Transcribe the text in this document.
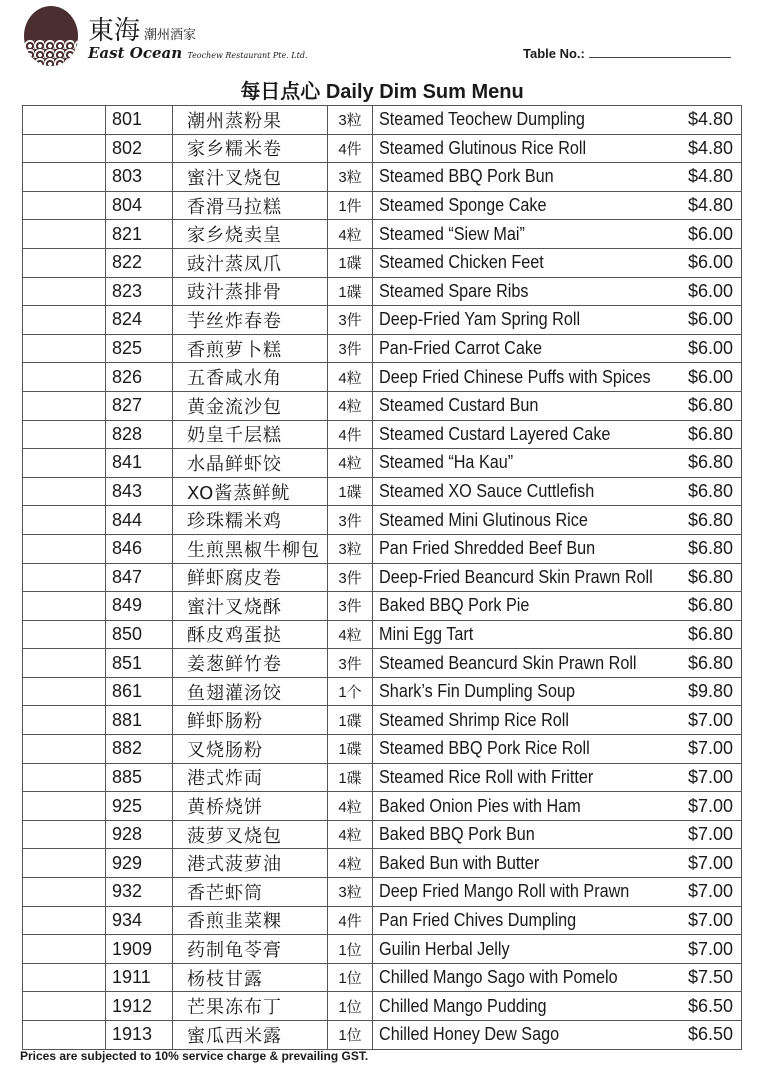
東海 潮州酒家
East Ocean Teochew Restaurant Pte. Ltd.	Table No.:
每日点心 Daily Dim Sum Menu
	801	潮州蒸粉果	3粒	Steamed Teochew Dumpling $4.80

	802	家乡糯米卷	4件	Steamed Glutinous Rice Roll $4.80

	803	蜜汁叉烧包	3粒	Steamed BBQ Pork Bun $4.80

	804	香滑马拉糕	1件	Steamed Sponge Cake $4.80

	821	家乡烧卖皇	4粒	Steamed “Siew Mai” $6.00

	822	豉汁蒸凤爪	1碟	Steamed Chicken Feet $6.00

	823	豉汁蒸排骨	1碟	Steamed Spare Ribs $6.00

	824	芋丝炸春卷	3件	Deep-Fried Yam Spring Roll $6.00

	825	香煎萝卜糕	3件	Pan-Fried Carrot Cake $6.00

	826	五香咸水角	4粒	Deep Fried Chinese Puffs with Spices $6.00

	827	黄金流沙包	4粒	Steamed Custard Bun $6.80

	828	奶皇千层糕	4件	Steamed Custard Layered Cake $6.80

	841	水晶鲜虾饺	4粒	Steamed “Ha Kau” $6.80

	843	XO酱蒸鲜鱿	1碟	Steamed XO Sauce Cuttlefish $6.80

	844	珍珠糯米鸡	3件	Steamed Mini Glutinous Rice $6.80

	846	生煎黑椒牛柳包	3粒	Pan Fried Shredded Beef Bun $6.80

	847	鲜虾腐皮卷	3件	Deep-Fried Beancurd Skin Prawn Roll $6.80

	849	蜜汁叉烧酥	3件	Baked BBQ Pork Pie $6.80

	850	酥皮鸡蛋挞	4粒	Mini Egg Tart $6.80

	851	姜葱鲜竹卷	3件	Steamed Beancurd Skin Prawn Roll $6.80

	861	鱼翅灌汤饺	1个	Shark’s Fin Dumpling Soup $9.80

	881	鲜虾肠粉	1碟	Steamed Shrimp Rice Roll $7.00

	882	叉烧肠粉	1碟	Steamed BBQ Pork Rice Roll $7.00

	885	港式炸両	1碟	Steamed Rice Roll with Fritter $7.00

	925	黄桥烧饼	4粒	Baked Onion Pies with Ham $7.00

	928	菠萝叉烧包	4粒	Baked BBQ Pork Bun $7.00

	929	港式菠萝油	4粒	Baked Bun with Butter $7.00

	932	香芒虾筒	3粒	Deep Fried Mango Roll with Prawn $7.00

	934	香煎韭菜粿	4件	Pan Fried Chives Dumpling $7.00

	1909	药制龟苓膏	1位	Guilin Herbal Jelly $7.00

	1911	杨枝甘露	1位	Chilled Mango Sago with Pomelo $7.50

	1912	芒果冻布丁	1位	Chilled Mango Pudding $6.50

	1913	蜜瓜西米露	1位	Chilled Honey Dew Sago $6.50
Prices are subjected to 10% service charge & prevailing GST.
